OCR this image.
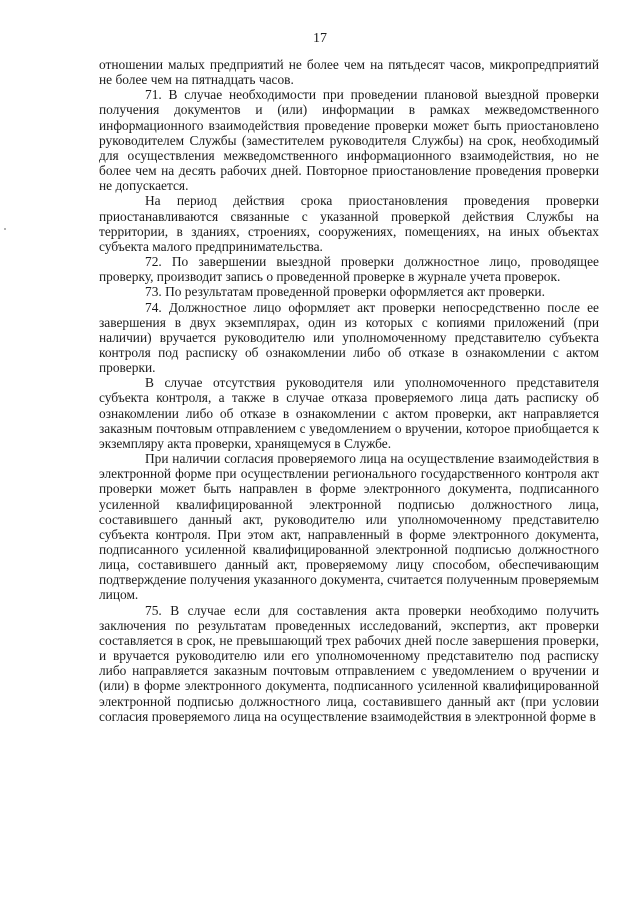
17

отношении малых предприятий не более чем на пятьдесят часов, микропредприятий не более чем на пятнадцать часов.

71. В случае необходимости при проведении плановой выездной проверки получения документов и (или) информации в рамках межведомственного информационного взаимодействия проведение проверки может быть приостановлено руководителем Службы (заместителем руководителя Службы) на срок, необходимый для осуществления межведомственного информационного взаимодействия, но не более чем на десять рабочих дней. Повторное приостановление проведения проверки не допускается.

На период действия срока приостановления проведения проверки приостанавливаются связанные с указанной проверкой действия Службы на территории, в зданиях, строениях, сооружениях, помещениях, на иных объектах субъекта малого предпринимательства.

72. По завершении выездной проверки должностное лицо, проводящее проверку, производит запись о проведенной проверке в журнале учета проверок.

73. По результатам проведенной проверки оформляется акт проверки.

74. Должностное лицо оформляет акт проверки непосредственно после ее завершения в двух экземплярах, один из которых с копиями приложений (при наличии) вручается руководителю или уполномоченному представителю субъекта контроля под расписку об ознакомлении либо об отказе в ознакомлении с актом проверки.

В случае отсутствия руководителя или уполномоченного представителя субъекта контроля, а также в случае отказа проверяемого лица дать расписку об ознакомлении либо об отказе в ознакомлении с актом проверки, акт направляется заказным почтовым отправлением с уведомлением о вручении, которое приобщается к экземпляру акта проверки, хранящемуся в Службе.

При наличии согласия проверяемого лица на осуществление взаимодействия в электронной форме при осуществлении регионального государственного контроля акт проверки может быть направлен в форме электронного документа, подписанного усиленной квалифицированной электронной подписью должностного лица, составившего данный акт, руководителю или уполномоченному представителю субъекта контроля. При этом акт, направленный в форме электронного документа, подписанного усиленной квалифицированной электронной подписью должностного лица, составившего данный акт, проверяемому лицу способом, обеспечивающим подтверждение получения указанного документа, считается полученным проверяемым лицом.

75. В случае если для составления акта проверки необходимо получить заключения по результатам проведенных исследований, экспертиз, акт проверки составляется в срок, не превышающий трех рабочих дней после завершения проверки, и вручается руководителю или его уполномоченному представителю под расписку либо направляется заказным почтовым отправлением с уведомлением о вручении и (или) в форме электронного документа, подписанного усиленной квалифицированной электронной подписью должностного лица, составившего данный акт (при условии согласия проверяемого лица на осуществление взаимодействия в электронной форме в
